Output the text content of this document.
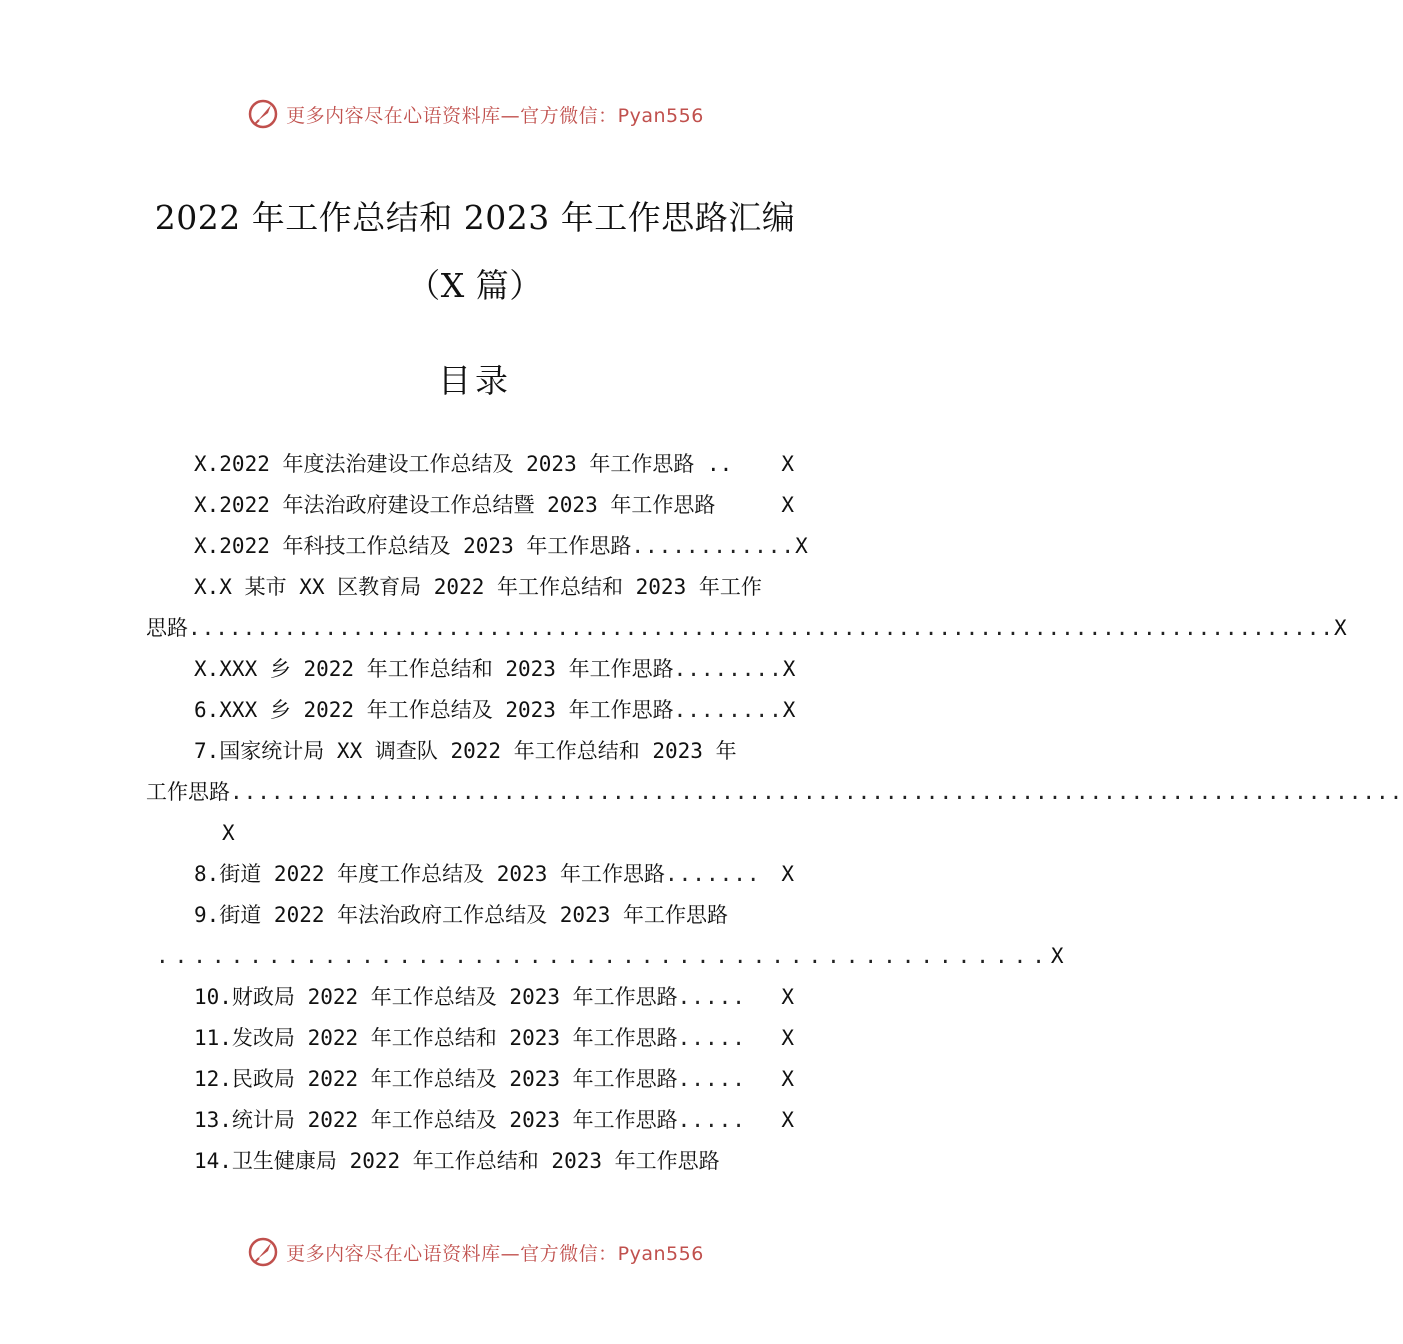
更多内容尽在心语资料库—官方微信：Pyan556
2022 年工作总结和 2023 年工作思路汇编
（X 篇）
目录
X.2022 年度法治建设工作总结及 2023 年工作思路 .. X
X.2022 年法治政府建设工作总结暨 2023 年工作思路	X
X.2022 年科技工作总结及 2023 年工作思路 ............ X
X.X 某市 XX 区教育局 2022 年工作总结和 2023 年工作
思路 .................................................................................... X
X.XXX 乡 2022 年工作总结和 2023 年工作思路 ........ X
6.XXX 乡 2022 年工作总结及 2023 年工作思路 ........ X
7.国家统计局 XX 调查队 2022 年工作总结和 2023 年
工作思路 ......................................................................................
X
8.街道 2022 年度工作总结及 2023 年工作思路 ....... X
9.街道 2022 年法治政府工作总结及 2023 年工作思路
................................................ X
10.财政局 2022 年工作总结及 2023 年工作思路 ..... X
11.发改局 2022 年工作总结和 2023 年工作思路 ..... X
12.民政局 2022 年工作总结及 2023 年工作思路 ..... X
13.统计局 2022 年工作总结及 2023 年工作思路 ..... X
14.卫生健康局 2022 年工作总结和 2023 年工作思路
更多内容尽在心语资料库—官方微信：Pyan556
